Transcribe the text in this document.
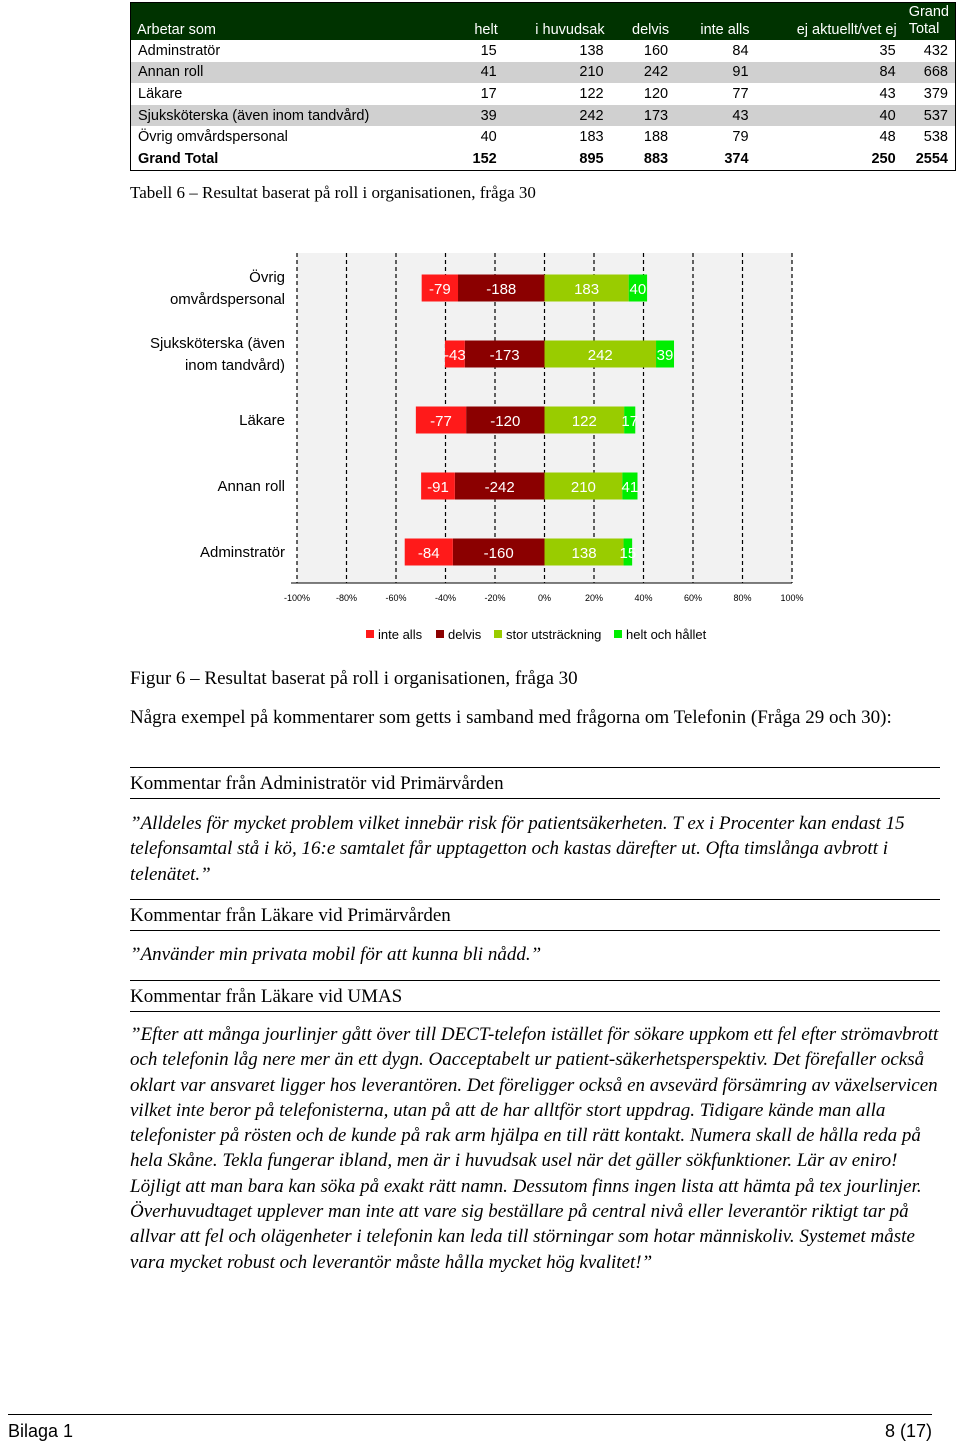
Arbetar som	helt	i huvudsak	delvis	inte alls	ej aktuellt/vet ej	Grand Total
Adminstratör	15	138	160	84	35	432
Annan roll	41	210	242	91	84	668
Läkare	17	122	120	77	43	379
Sjuksköterska (även inom tandvård)	39	242	173	43	40	537
Övrig omvårdspersonal	40	183	188	79	48	538
Grand Total	152	895	883	374	250	2554
Tabell 6 – Resultat baserat på roll i organisationen, fråga 30
-100%	-80%	-60%	-40%	-20%	0%	20%	40%	60%	80%	100%
Övrig
omvårdspersonal
-188
-79	183 40
Sjuksköterska (även
inom tandvård)
-173
-43	242	39
Läkare	-120
-77	122 17
Annan roll	-242
-91	210 41
Adminstratör	-160
-84	138 15
inte alls delvis stor utsträckning helt och hållet
Figur 6 – Resultat baserat på roll i organisationen, fråga 30
Några exempel på kommentarer som getts i samband med frågorna om Telefonin (Fråga 29 och 30):
Kommentar från Administratör vid Primärvården
”Alldeles för mycket problem vilket innebär risk för patientsäkerheten. T ex i Procenter kan endast 15 telefonsamtal stå i kö, 16:e samtalet får upptagetton och kastas därefter ut. Ofta timslånga avbrott i telenätet.”
Kommentar från Läkare vid Primärvården
”Använder min privata mobil för att kunna bli nådd.”
Kommentar från Läkare vid UMAS
”Efter att många jourlinjer gått över till DECT-telefon istället för sökare uppkom ett fel efter strömavbrott och telefonin låg nere mer än ett dygn. Oacceptabelt ur patient-säkerhetsperspektiv. Det förefaller också oklart var ansvaret ligger hos leverantören. Det föreligger också en avsevärd försämring av växelservicen vilket inte beror på telefonisterna, utan på att de har alltför stort uppdrag. Tidigare kände man alla telefonister på rösten och de kunde på rak arm hjälpa en till rätt kontakt. Numera skall de hålla reda på hela Skåne. Tekla fungerar ibland, men är i huvudsak usel när det gäller sökfunktioner. Lär av eniro! Löjligt att man bara kan söka på exakt rätt namn. Dessutom finns ingen lista att hämta på tex jourlinjer. Överhuvudtaget upplever man inte att vare sig beställare på central nivå eller leverantör riktigt tar på allvar att fel och olägenheter i telefonin kan leda till störningar som hotar människoliv. Systemet måste vara mycket robust och leverantör måste hålla mycket hög kvalitet!”
Bilaga 1	8 (17)
